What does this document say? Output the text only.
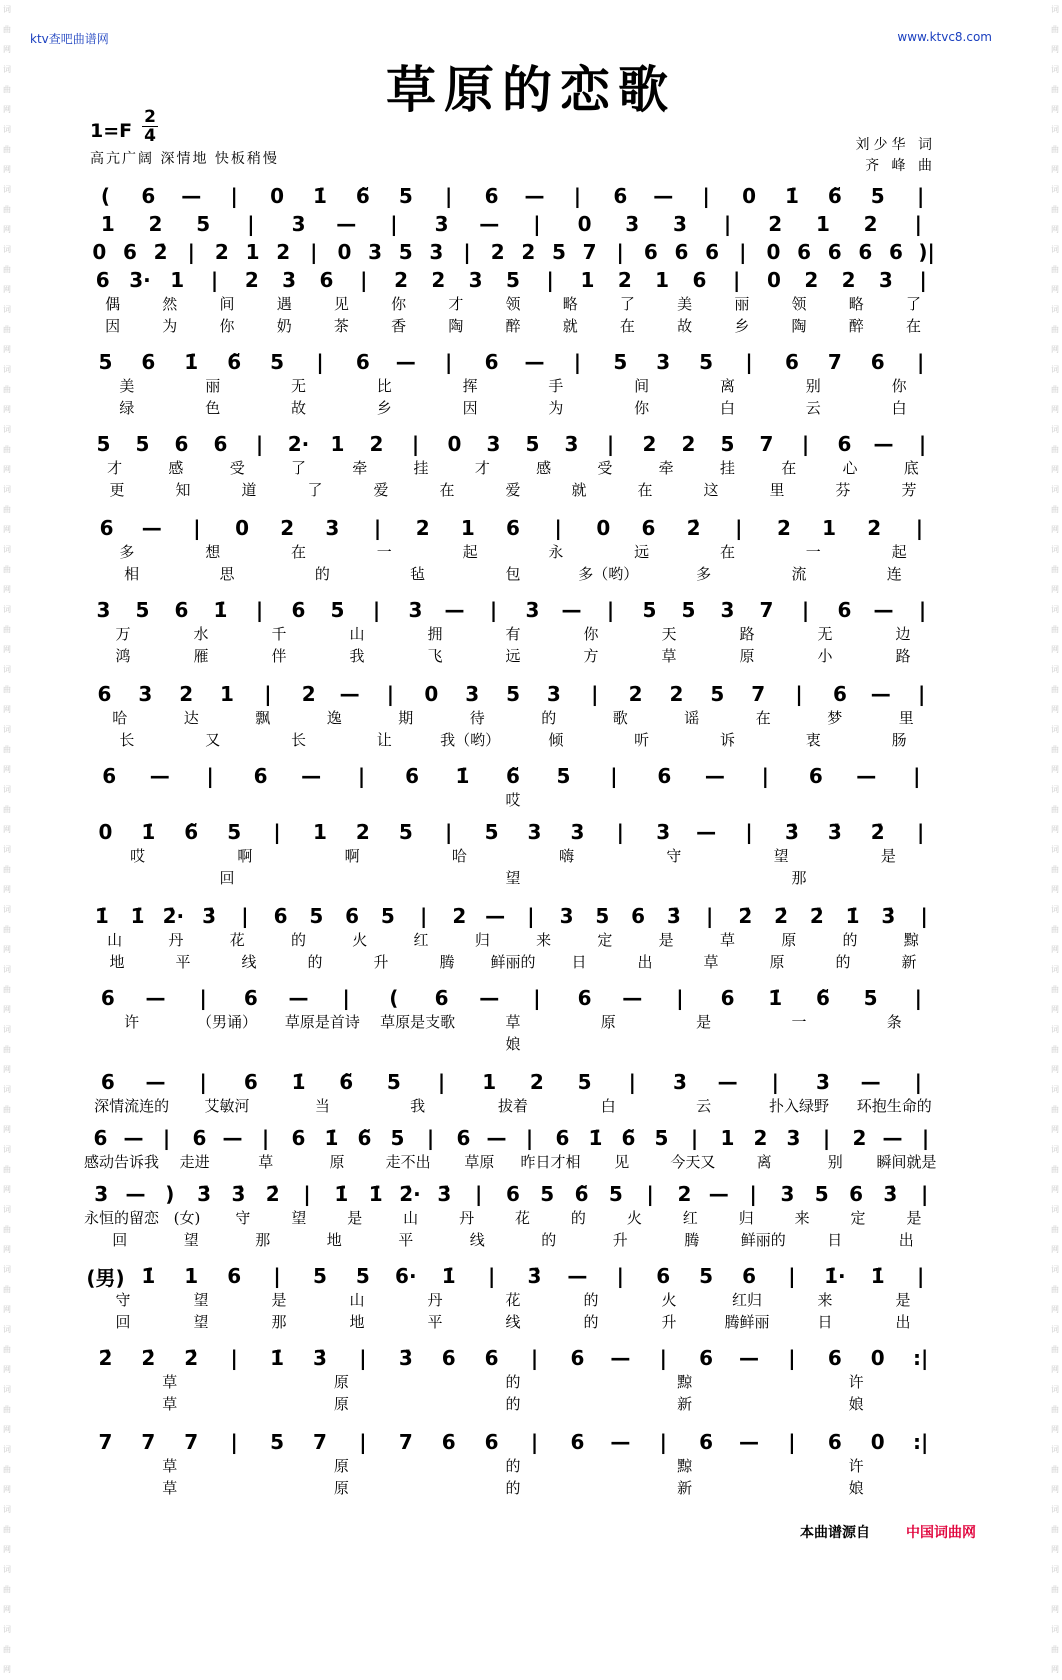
词曲网词曲网词曲网词曲网词曲网词曲网词曲网词曲网词曲网词曲网词曲网词曲网词曲网词曲网词曲网词曲网词曲网词曲网词曲网词曲网词曲网词曲网词曲网词曲网词曲网词曲网词曲网词曲网
词曲网词曲网词曲网词曲网词曲网词曲网词曲网词曲网词曲网词曲网词曲网词曲网词曲网词曲网词曲网词曲网词曲网词曲网词曲网词曲网词曲网词曲网词曲网词曲网词曲网词曲网词曲网词曲网
ktv查吧曲谱网	www.ktvc8.com
草原的恋歌
1=F
2
4
高亢广阔 深情地 快板稍慢
刘少华 词
齐 峰 曲
(	6	—	|	0	1̇	6̃	5	|	6	—	|	6	—	|	0	1̇	6̃	5	|
1	2	5	|	3	—	|	3	—	|	0	3	3	|	2	1	2	|
0 6 2̇	|	2 1 2	|	0 3 5 3	|	2 2 5 7	|	6 6 6	|	0 6 6 6 6 )|
6 3· 1	|	2	3	6	|	2	2	3	5	|	1	2	1	6	|	0	2	2	3	|
偶	然	间	遇	见	你	才	领	略	了	美	丽	领	略	了
因	为	你	奶	茶	香	陶	醉	就	在	故	乡	陶	醉	在
5	6	1̇	6̃	5	|	6	—	|	6	—	|	5	3	5	|	6	7	6	|
美	丽	无	比	挥	手	间	离	别	你
绿	色	故	乡	因	为	你	白	云	白
5	5	6	6	|	2·	1	2	|	0	3	5	3	|	2	2	5	7	|	6	—	|
才	感	受	了	牵	挂	才	感	受	牵	挂	在	心	底
更	知	道	了	爱	在	爱	就	在	这	里	芬	芳
6	—	|	0	2	3	|	2	1	6	|	0	6	2̇	|	2	1	2	|
多	想	在	一	起	永	远	在	一	起
相	思	的	毡	包	多（哟）	多	流	连
3	5	6	1̇	|	6	5	|	3	—	|	3	—	|	5	5	3	7	|	6	—	|
万	水	千	山	拥	有	你	天	路	无	边
鸿	雁	伴	我	飞	远	方	草	原	小	路
6	3	2	1	|	2	—	|	0	3	5	3	|	2	2	5	7	|	6	—	|
哈	达	飘	逸	期	待	的	歌	谣	在	梦	里
长	又	长	让	我（哟）	倾	听	诉	衷	肠
6	—	|	6	—	|	6	1̇	6̃	5	|	6	—	|	6	—	|
哎
0	1̇	6̃	5	|	1	2	5	|	5	3	3	|	3	—	|	3̇	3̇	2̇	|
哎	啊	啊	哈	嗨	守	望	是
回	望	那
1̇	1̇ 2̇· 3̇	|	6	5	6	5	|	2 —	|	3	5	6	3̇	|	2̇	2̇	2̇	1̇	3̇	|
山	丹	花	的	火	红	归	来	定	是	草	原	的	黥
地	平	线	的	升	腾	鲜丽的	日	出	草	原	的	新
6	—	|	6	—	|	(	6	—	|	6	—	|	6	1̇	6̃	5	|
许	（男诵）	草原是首诗	草原是支歌	草	原	是	一	条
娘
6	—	|	6	1̇	6̃	5	|	1	2	5	|	3	—	|	3	—	|
深情流连的	艾敏河	当	我	拔着	白	云	扑入绿野	环抱生命的
6 — |	6 — |	6 1̇ 6̃ 5	|	6 — |	6 1̇ 6̃ 5	|	1 2 3	|	2 — |
感动告诉我	走进	草	原	走不出	草原	昨日才相	见	今天又	离	别	瞬间就是
3 — )	3̇	3̇	2̇	|	1̇	1̇ 2̇· 3̇	|	6	5	6̃	5	|	2 —	|	3	5	6	3̇	|
永恒的留恋 (女)	守	望	是	山	丹	花	的	火	红	归	来	定	是
回	望	那	地	平	线	的	升	腾	鲜丽的	日	出
(男) 1̇	1	6	|	5	5	6·	1̇	|	3̇	—	|	6	5	6	|	1̇·	1̇	|
守	望	是	山	丹	花	的	火	红归	来	是
回	望	那	地	平	线	的	升	腾鲜丽	日	出
2̇	2̇	2̇	|	1̇	3̇	|	3̇	6	6	|	6	—	|	6	—	|	6	0	:|
草	原	的	黥	许
草	原	的	新	娘
7	7	7	|	5	7	|	7	6	6	|	6	—	|	6	—	|	6	0	:|
草	原	的	黥	许
草	原	的	新	娘
本曲谱源自	中国词曲网
